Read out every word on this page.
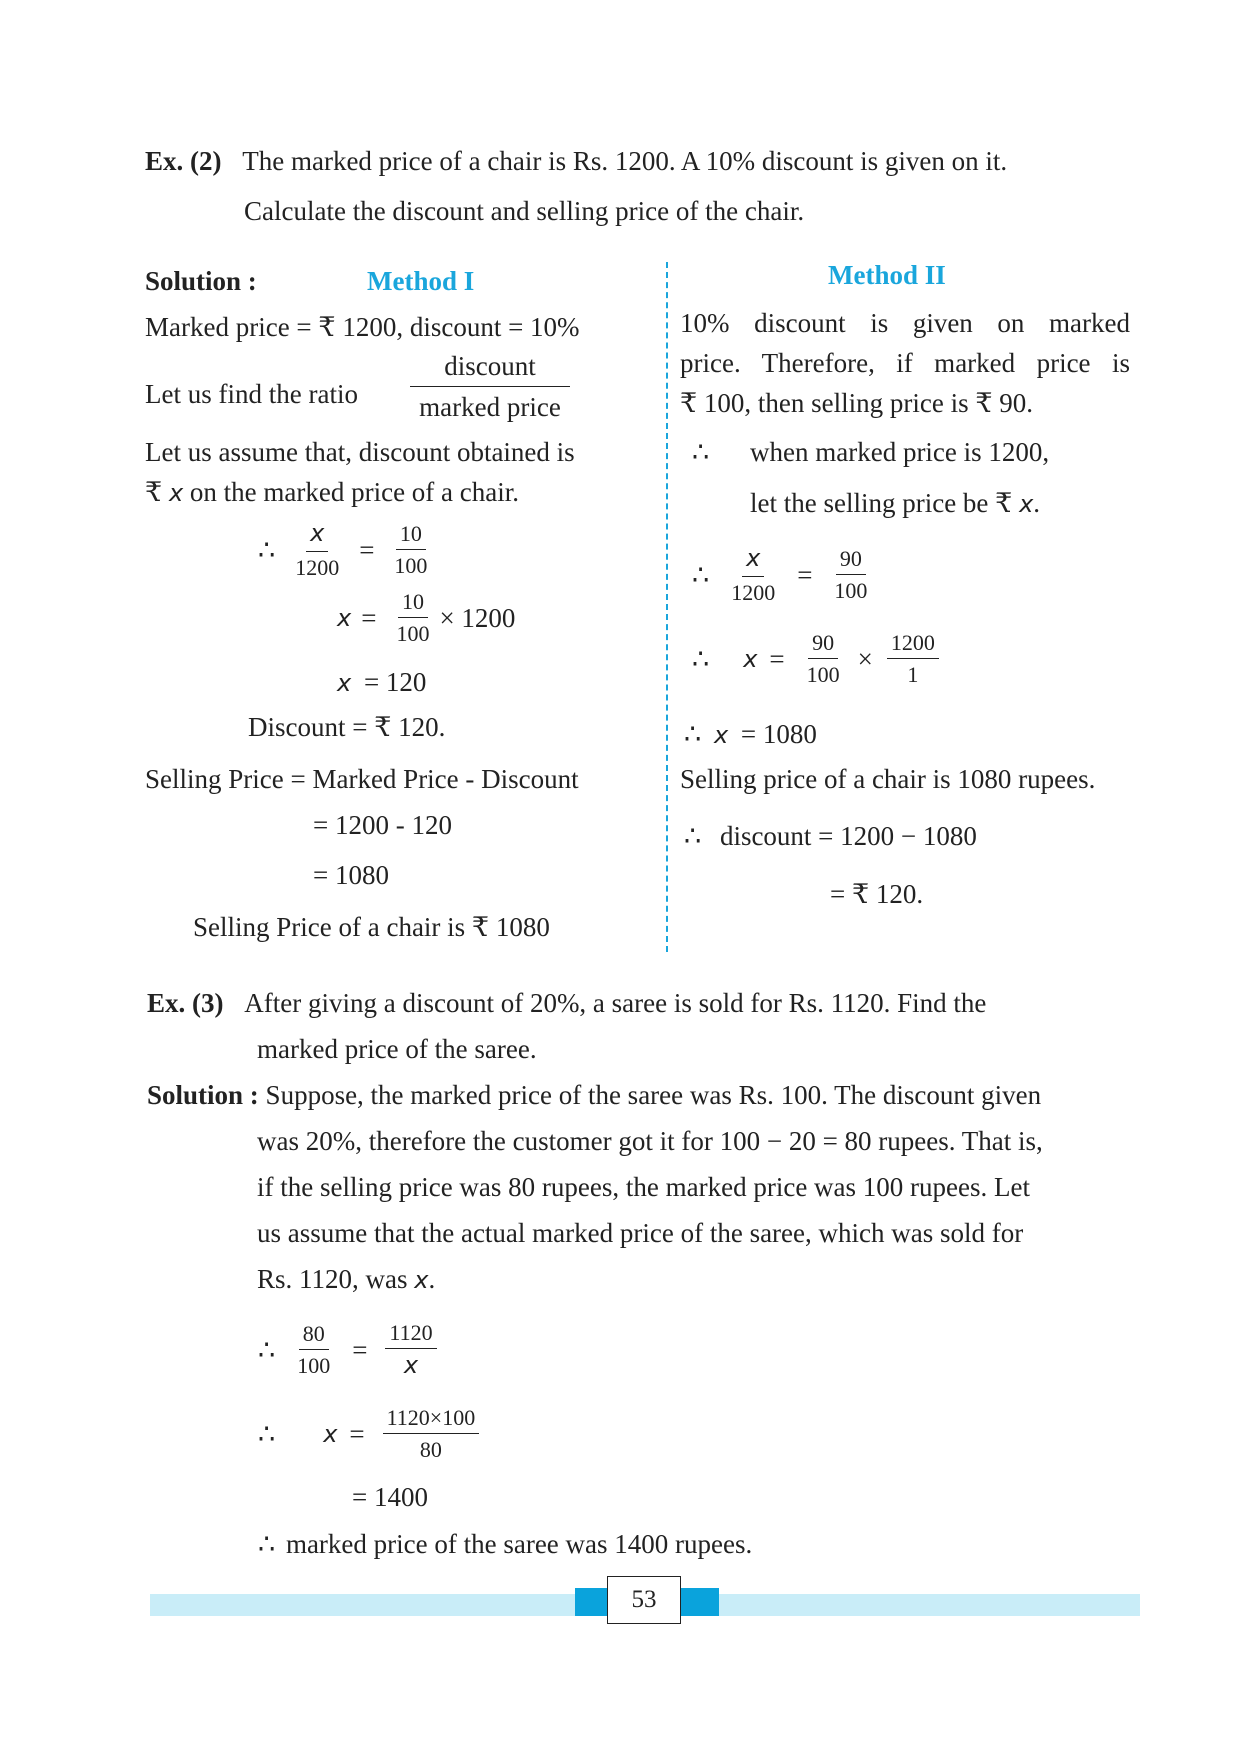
Ex. (2) The marked price of a chair is Rs. 1200. A 10% discount is given on it.
Calculate the discount and selling price of the chair.
Solution :	Method I
Marked price = ₹ 1200, discount = 10%
Let us find the ratio
discount
marked price
Let us assume that, discount obtained is
₹ x on the marked price of a chair.
∴ $\frac{x}{1200} = \frac{10}{100}$
$x = \frac{10}{100} \times 1200$
x = 120
Discount = ₹ 120.
Selling Price = Marked Price - Discount
= 1200 - 120
= 1080
Selling Price of a chair is ₹ 1080
Method II
10% discount is given on marked
price. Therefore, if marked price is
₹ 100, then selling price is ₹ 90.
∴ when marked price is 1200,
let the selling price be ₹ x.
∴ $\frac{x}{1200} = \frac{90}{100}$
∴ $x = \frac{90}{100} \times \frac{1200}{1}$
∴ x = 1080
Selling price of a chair is 1080 rupees.
∴ discount = 1200 − 1080
= ₹ 120.
Ex. (3) After giving a discount of 20%, a saree is sold for Rs. 1120. Find the
marked price of the saree.
Solution : Suppose, the marked price of the saree was Rs. 100. The discount given
was 20%, therefore the customer got it for 100 − 20 = 80 rupees. That is,
if the selling price was 80 rupees, the marked price was 100 rupees. Let
us assume that the actual marked price of the saree, which was sold for
Rs. 1120, was x.
∴ $\frac{80}{100} = \frac{1120}{x}$
∴ $x = \frac{1120\times 100}{80}$
= 1400
∴ marked price of the saree was 1400 rupees.
53
